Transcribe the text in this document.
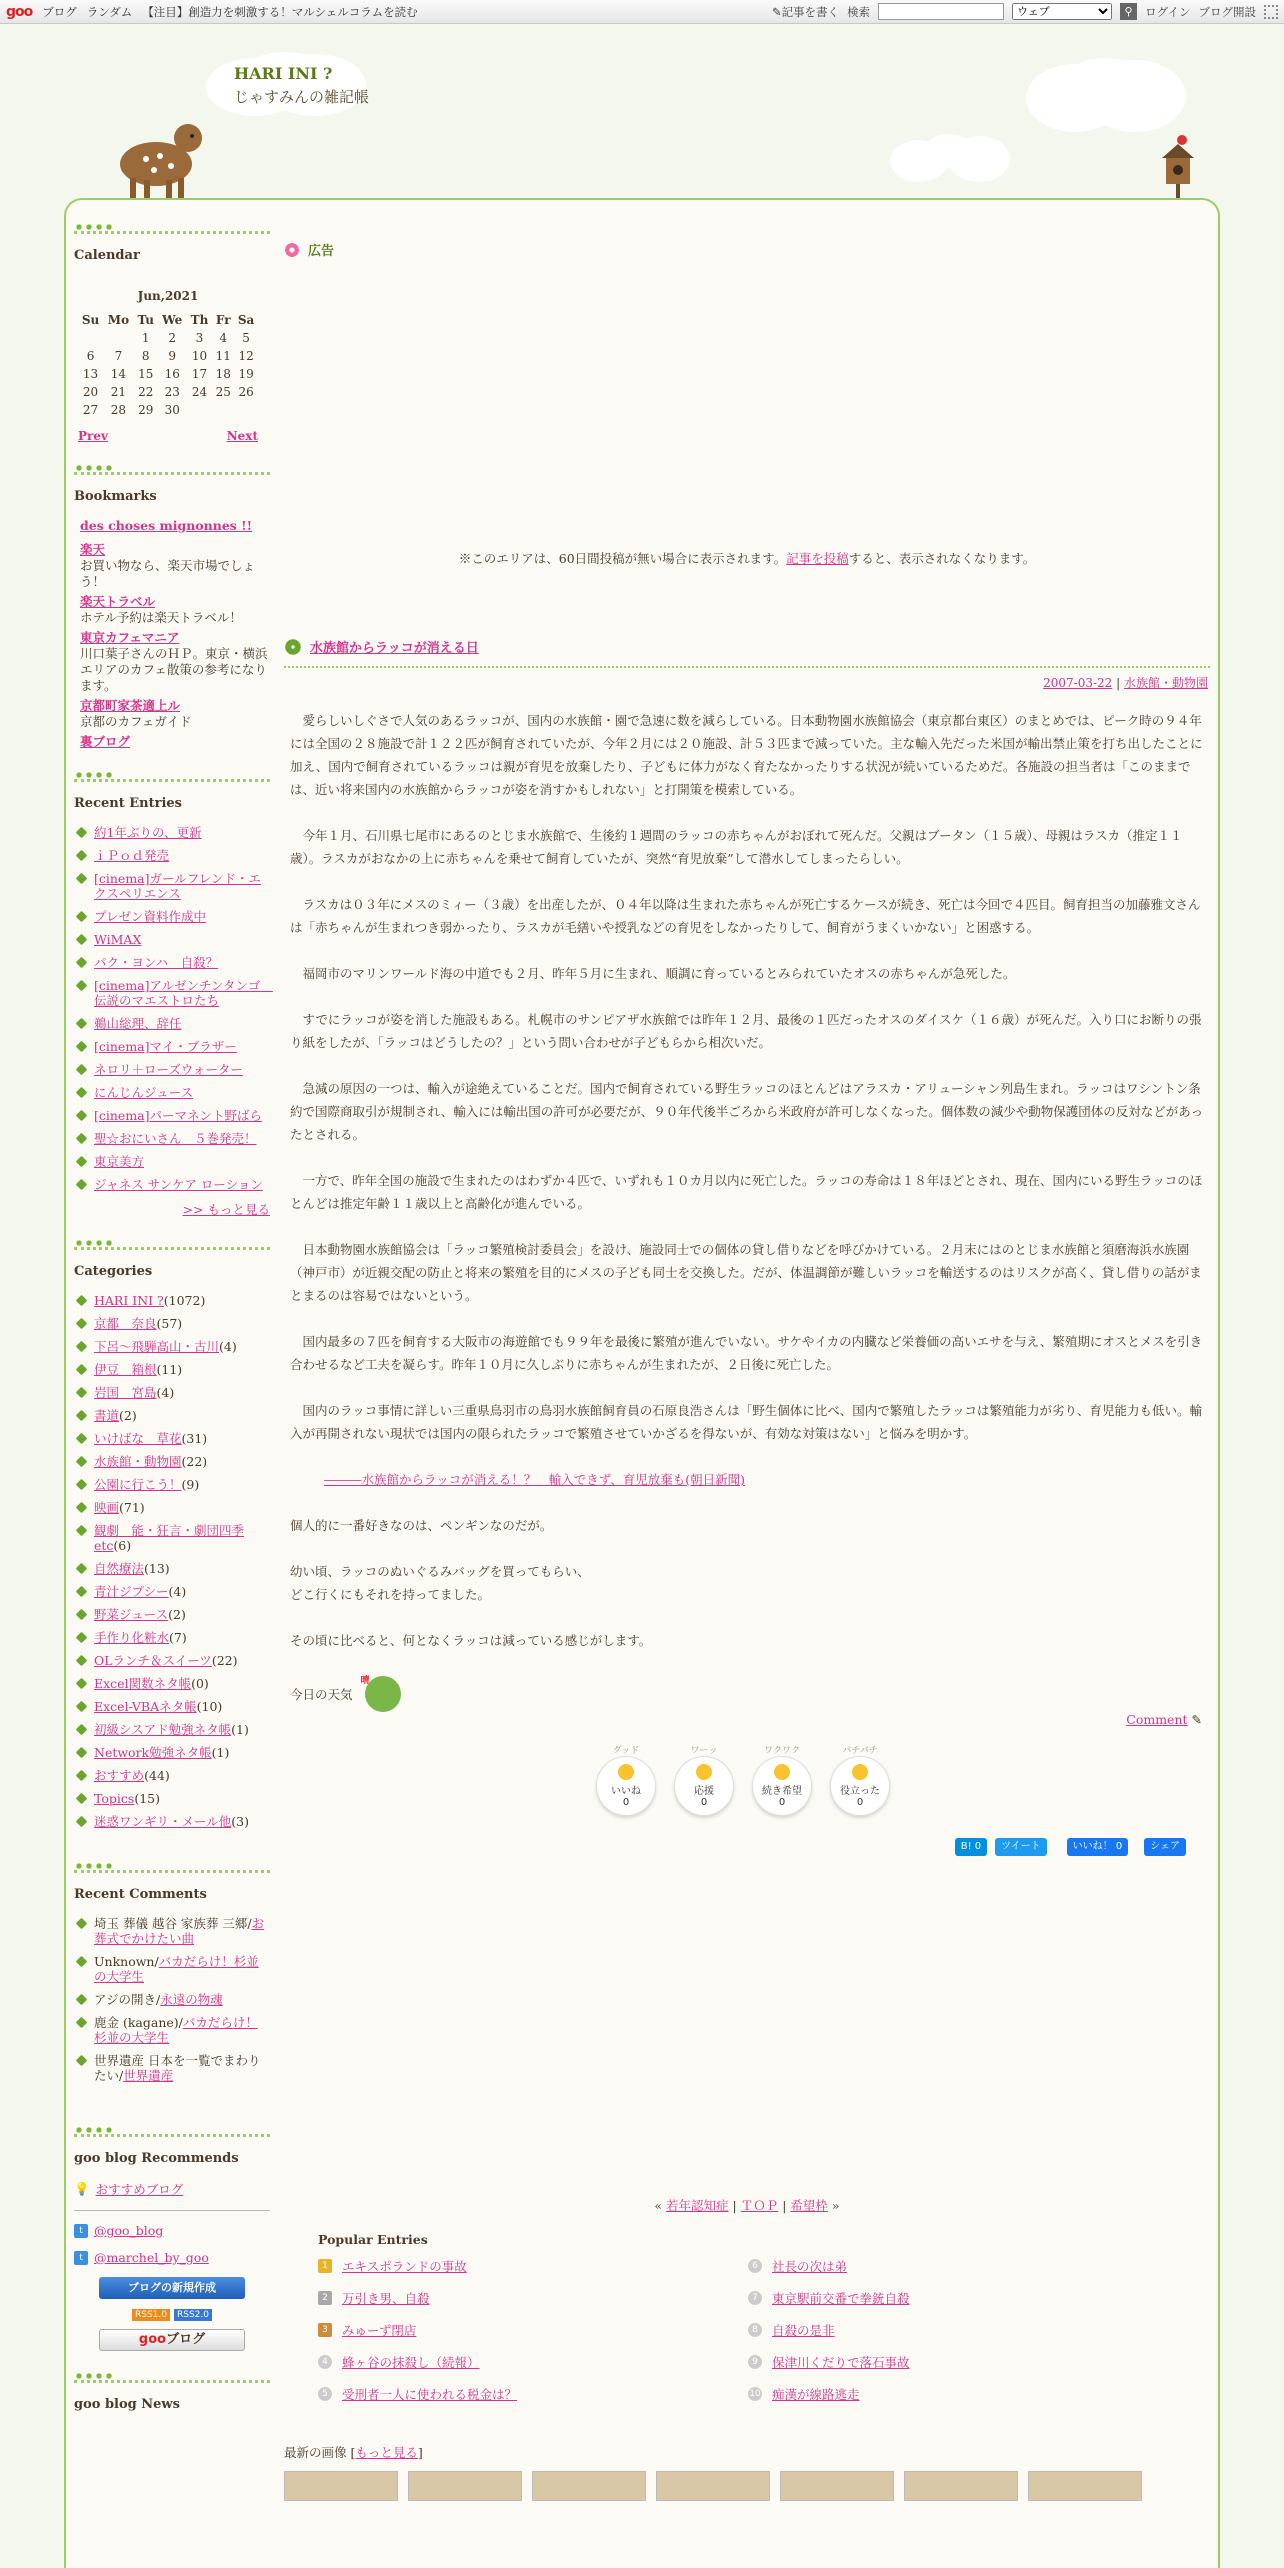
goo ブログ ランダム 【注目】創造力を刺激する！マルシェルコラムを読む	✎記事を書く 検索
ウェブ	⚲	ログイン ブログ開設
HARI INI ?
じゃすみんの雑記帳
Calendar
Jun,2021
Su	Mo	Tu	We	Th	Fr	Sa
		1	2	3	4	5
6	7	8	9	10	11	12
13	14	15	16	17	18	19
20	21	22	23	24	25	26
27	28	29	30			
Prev	Next
Bookmarks
des choses mignonnes !!
楽天
お買い物なら、楽天市場でしょう！
楽天トラベル
ホテル予約は楽天トラベル！
東京カフェマニア
川口葉子さんのＨＰ。東京・横浜エリアのカフェ散策の参考になります。
京都町家茶適上ル
京都のカフェガイド
裏ブログ
Recent Entries
約1年ぶりの、更新
ｉＰｏｄ発売
[cinema]ガールフレンド・エクスペリエンス
プレゼン資料作成中
WiMAX
パク・ヨンハ　自殺？
[cinema]アルゼンチンタンゴ　伝説のマエストロたち
鵜山総理、辞任
[cinema]マイ・ブラザー
ネロリ＋ローズウォーター
にんじんジュース
[cinema]パーマネント野ばら
聖☆おにいさん　５巻発売！
東京美方
ジャネス サンケア ローション
>> もっと見る
Categories
HARI INI ?(1072)
京都　奈良(57)
下呂～飛騨高山・古川(4)
伊豆　箱根(11)
岩国　宮島(4)
書道(2)
いけばな　草花(31)
水族館・動物園(22)
公園に行こう！(9)
映画(71)
観劇　能・狂言・劇団四季etc(6)
自然療法(13)
青汁ジプシー(4)
野菜ジュース(2)
手作り化粧水(7)
OLランチ＆スイーツ(22)
Excel関数ネタ帳(0)
Excel-VBAネタ帳(10)
初級シスアド勉強ネタ帳(1)
Network勉強ネタ帳(1)
おすすめ(44)
Topics(15)
迷惑ワンギリ・メール他(3)
Recent Comments
埼玉 葬儀 越谷 家族葬 三郷/お葬式でかけたい曲
Unknown/バカだらけ！杉並の大学生
アジの開き/永遠の物魂
鹿金 (kagane)/バカだらけ！杉並の大学生
世界遺産 日本を一覧でまわりたい/世界遺産
goo blog Recommends
💡 おすすめブログ
t @goo_blog
t @marchel_by_goo
ブログの新規作成
RSS1.0	RSS2.0
gooブログ
goo blog News
広告
※このエリアは、60日間投稿が無い場合に表示されます。記事を投稿すると、表示されなくなります。
水族館からラッコが消える日
2007-03-22 | 水族館・動物園

　愛らしいしぐさで人気のあるラッコが、国内の水族館・園で急速に数を減らしている。日本動物園水族館協会（東京都台東区）のまとめでは、ピーク時の９４年には全国の２８施設で計１２２匹が飼育されていたが、今年２月には２０施設、計５３匹まで減っていた。主な輸入先だった米国が輸出禁止策を打ち出したことに加え、国内で飼育されているラッコは親が育児を放棄したり、子どもに体力がなく育たなかったりする状況が続いているためだ。各施設の担当者は「このままでは、近い将来国内の水族館からラッコが姿を消すかもしれない」と打開策を模索している。

　今年１月、石川県七尾市にあるのとじま水族館で、生後約１週間のラッコの赤ちゃんがおぼれて死んだ。父親はブータン（１５歳）、母親はラスカ（推定１１歳）。ラスカがおなかの上に赤ちゃんを乗せて飼育していたが、突然“育児放棄”して潜水してしまったらしい。

　ラスカは０３年にメスのミィー（３歳）を出産したが、０４年以降は生まれた赤ちゃんが死亡するケースが続き、死亡は今回で４匹目。飼育担当の加藤雅文さんは「赤ちゃんが生まれつき弱かったり、ラスカが毛繕いや授乳などの育児をしなかったりして、飼育がうまくいかない」と困惑する。

　福岡市のマリンワールド海の中道でも２月、昨年５月に生まれ、順調に育っているとみられていたオスの赤ちゃんが急死した。

　すでにラッコが姿を消した施設もある。札幌市のサンピアザ水族館では昨年１２月、最後の１匹だったオスのダイスケ（１６歳）が死んだ。入り口にお断りの張り紙をしたが、「ラッコはどうしたの？」という問い合わせが子どもらから相次いだ。

　急減の原因の一つは、輸入が途絶えていることだ。国内で飼育されている野生ラッコのほとんどはアラスカ・アリューシャン列島生まれ。ラッコはワシントン条約で国際商取引が規制され、輸入には輸出国の許可が必要だが、９０年代後半ごろから米政府が許可しなくなった。個体数の減少や動物保護団体の反対などがあったとされる。

　一方で、昨年全国の施設で生まれたのはわずか４匹で、いずれも１０カ月以内に死亡した。ラッコの寿命は１８年ほどとされ、現在、国内にいる野生ラッコのほとんどは推定年齢１１歳以上と高齢化が進んでいる。

　日本動物園水族館協会は「ラッコ繁殖検討委員会」を設け、施設同士での個体の貸し借りなどを呼びかけている。２月末にはのとじま水族館と須磨海浜水族園（神戸市）が近親交配の防止と将来の繁殖を目的にメスの子ども同士を交換した。だが、体温調節が難しいラッコを輸送するのはリスクが高く、貸し借りの話がまとまるのは容易ではないという。

　国内最多の７匹を飼育する大阪市の海遊館でも９９年を最後に繁殖が進んでいない。サケやイカの内臓など栄養価の高いエサを与え、繁殖期にオスとメスを引き合わせるなど工夫を凝らす。昨年１０月に久しぶりに赤ちゃんが生まれたが、２日後に死亡した。

　国内のラッコ事情に詳しい三重県鳥羽市の鳥羽水族館飼育員の石原良浩さんは「野生個体に比べ、国内で繁殖したラッコは繁殖能力が劣り、育児能力も低い。輸入が再開されない現状では国内の限られたラッコで繁殖させていかざるを得ないが、有効な対策はない」と悩みを明かす。

―――水族館からラッコが消える！？　輸入できず、育児放棄も(朝日新聞)

個人的に一番好きなのは、ペンギンなのだが。
幼い頃、ラッコのぬいぐるみバッグを買ってもらい、
どこ行くにもそれを持ってました。
その頃に比べると、何となくラッコは減っている感じがします。
今日の天気
晴
Comment ✎
グッド
いいね
0
ワーッ
応援
0
ワクワク
続き希望
0
パチパチ
役立った
0
B! 0	ツイート	いいね！ 0	シェア
« 若年認知症 | ＴＯＰ | 希望枠 »
Popular Entries
1	エキスポランドの事故	6	社長の次は弟
2	万引き男、自殺	7	東京駅前交番で拳銃自殺
3	みゅーず閉店	8	自殺の是非
4	蜂ヶ谷の抹殺し（続報）	9	保津川くだりで落石事故
5	受刑者一人に使われる税金は？	10 痴漢が線路逃走
最新の画像 [もっと見る]
